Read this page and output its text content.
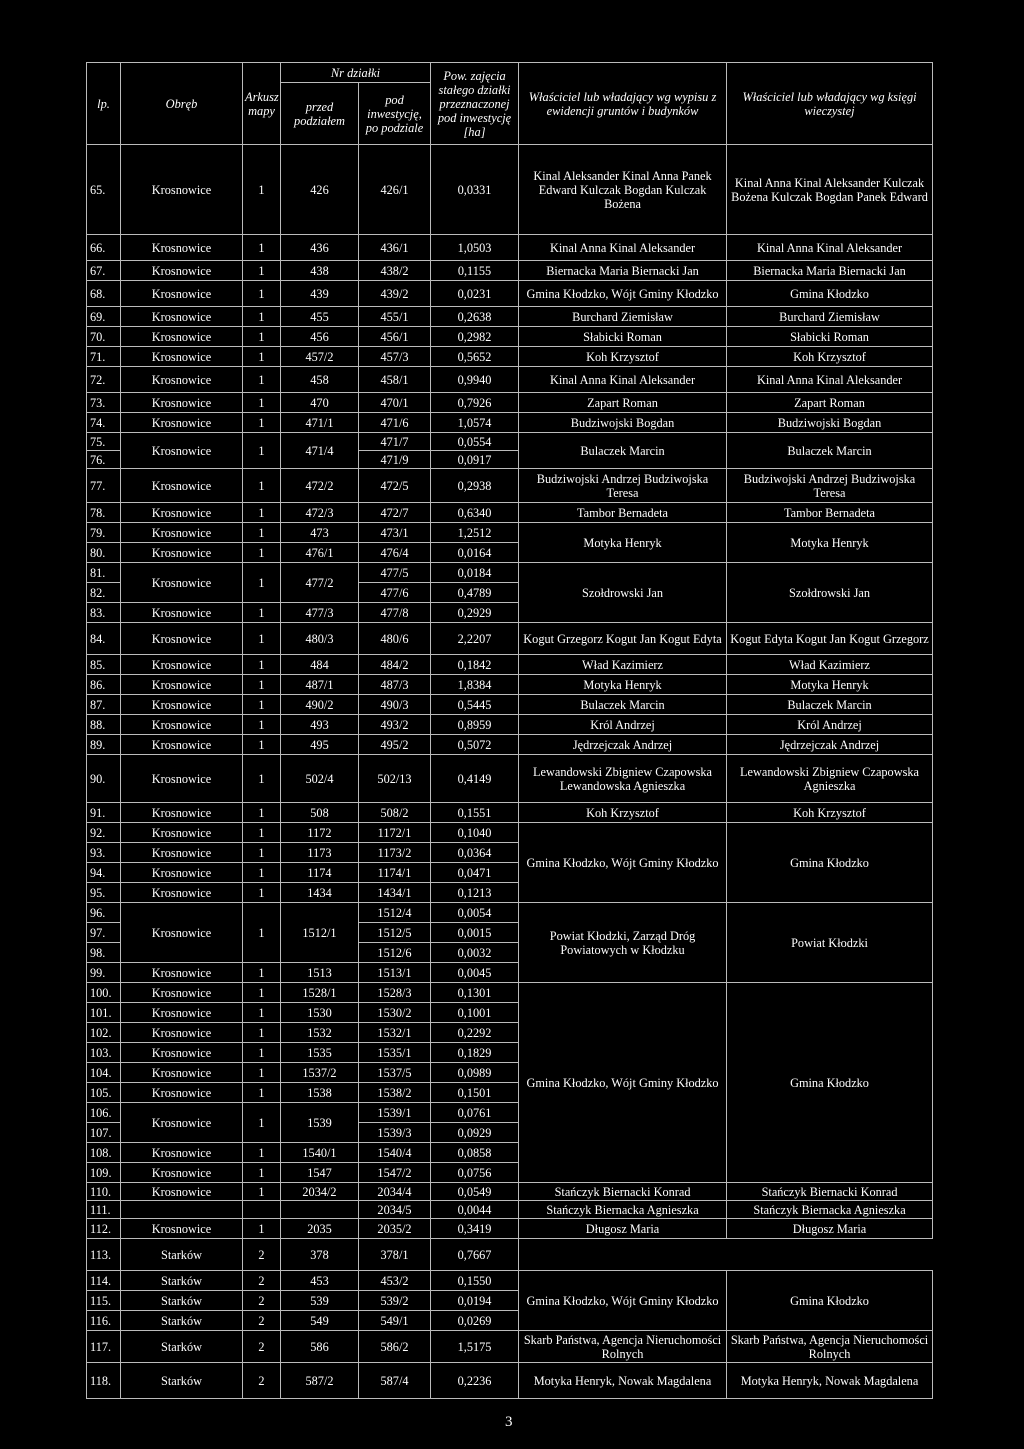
lp.	Obręb	Arkusz mapy	Nr działki		Pow. zajęcia stałego działki przeznaczonej pod inwestycję [ha]	Właściciel lub władający wg wypisu z ewidencji gruntów i budynków	Właściciel lub władający wg księgi wieczystej
			przed podziałem	pod inwestycję, po podziale			
65.	Krosnowice	1	426	426/1	0,0331	Kinal Aleksander Kinal Anna Panek Edward Kulczak Bogdan Kulczak Bożena	Kinal Anna Kinal Aleksander Kulczak Bożena Kulczak Bogdan Panek Edward
66.	Krosnowice	1	436	436/1	1,0503	Kinal Anna Kinal Aleksander	Kinal Anna Kinal Aleksander
67.	Krosnowice	1	438	438/2	0,1155	Biernacka Maria Biernacki Jan	Biernacka Maria Biernacki Jan
68.	Krosnowice	1	439	439/2	0,0231	Gmina Kłodzko, Wójt Gminy Kłodzko	Gmina Kłodzko
69.	Krosnowice	1	455	455/1	0,2638	Burchard Ziemisław	Burchard Ziemisław
70.	Krosnowice	1	456	456/1	0,2982	Słabicki Roman	Słabicki Roman
71.	Krosnowice	1	457/2	457/3	0,5652	Koh Krzysztof	Koh Krzysztof
72.	Krosnowice	1	458	458/1	0,9940	Kinal Anna Kinal Aleksander	Kinal Anna Kinal Aleksander
73.	Krosnowice	1	470	470/1	0,7926	Zapart Roman	Zapart Roman
74.	Krosnowice	1	471/1	471/6	1,0574	Budziwojski Bogdan	Budziwojski Bogdan
75.	Krosnowice	1	471/4	471/7	0,0554	Bulaczek Marcin	Bulaczek Marcin
76.				471/9	0,0917		
77.	Krosnowice	1	472/2	472/5	0,2938	Budziwojski Andrzej Budziwojska Teresa	Budziwojski Andrzej Budziwojska Teresa
78.	Krosnowice	1	472/3	472/7	0,6340	Tambor Bernadeta	Tambor Bernadeta
79.	Krosnowice	1	473	473/1	1,2512	Motyka Henryk	Motyka Henryk
80.	Krosnowice	1	476/1	476/4	0,0164		
81.	Krosnowice	1	477/2	477/5	0,0184	Szołdrowski Jan	Szołdrowski Jan
82.				477/6	0,4789		
83.	Krosnowice	1	477/3	477/8	0,2929		
84.	Krosnowice	1	480/3	480/6	2,2207	Kogut Grzegorz Kogut Jan Kogut Edyta	Kogut Edyta Kogut Jan Kogut Grzegorz
85.	Krosnowice	1	484	484/2	0,1842	Wład Kazimierz	Wład Kazimierz
86.	Krosnowice	1	487/1	487/3	1,8384	Motyka Henryk	Motyka Henryk
87.	Krosnowice	1	490/2	490/3	0,5445	Bulaczek Marcin	Bulaczek Marcin
88.	Krosnowice	1	493	493/2	0,8959	Król Andrzej	Król Andrzej
89.	Krosnowice	1	495	495/2	0,5072	Jędrzejczak Andrzej	Jędrzejczak Andrzej
90.	Krosnowice	1	502/4	502/13	0,4149	Lewandowski Zbigniew Czapowska Lewandowska Agnieszka	Lewandowski Zbigniew Czapowska Agnieszka
91.	Krosnowice	1	508	508/2	0,1551	Koh Krzysztof	Koh Krzysztof
92.	Krosnowice	1	1172	1172/1	0,1040	Gmina Kłodzko, Wójt Gminy Kłodzko	Gmina Kłodzko
93.	Krosnowice	1	1173	1173/2	0,0364		
94.	Krosnowice	1	1174	1174/1	0,0471		
95.	Krosnowice	1	1434	1434/1	0,1213		
96.	Krosnowice	1	1512/1	1512/4	0,0054	Powiat Kłodzki, Zarząd Dróg Powiatowych w Kłodzku	Powiat Kłodzki
97.				1512/5	0,0015		
98.				1512/6	0,0032		
99.	Krosnowice	1	1513	1513/1	0,0045		
100.	Krosnowice	1	1528/1	1528/3	0,1301	Gmina Kłodzko, Wójt Gminy Kłodzko	Gmina Kłodzko
101.	Krosnowice	1	1530	1530/2	0,1001		
102.	Krosnowice	1	1532	1532/1	0,2292		
103.	Krosnowice	1	1535	1535/1	0,1829		
104.	Krosnowice	1	1537/2	1537/5	0,0989		
105.	Krosnowice	1	1538	1538/2	0,1501		
106.	Krosnowice	1	1539	1539/1	0,0761		
107.				1539/3	0,0929		
108.	Krosnowice	1	1540/1	1540/4	0,0858		
109.	Krosnowice	1	1547	1547/2	0,0756		
110.	Krosnowice	1	2034/2	2034/4	0,0549	Stańczyk Biernacki Konrad	Stańczyk Biernacki Konrad
111.				2034/5	0,0044	Stańczyk Biernacka Agnieszka	Stańczyk Biernacka Agnieszka
112.	Krosnowice	1	2035	2035/2	0,3419	Długosz Maria	Długosz Maria
113.	Starków	2	378	378/1	0,7667		
114.	Starków	2	453	453/2	0,1550	Gmina Kłodzko, Wójt Gminy Kłodzko	Gmina Kłodzko
115.	Starków	2	539	539/2	0,0194		
116.	Starków	2	549	549/1	0,0269		
117.	Starków	2	586	586/2	1,5175	Skarb Państwa, Agencja Nieruchomości Rolnych	Skarb Państwa, Agencja Nieruchomości Rolnych
118.	Starków	2	587/2	587/4	0,2236	Motyka Henryk, Nowak Magdalena	Motyka Henryk, Nowak Magdalena
3
